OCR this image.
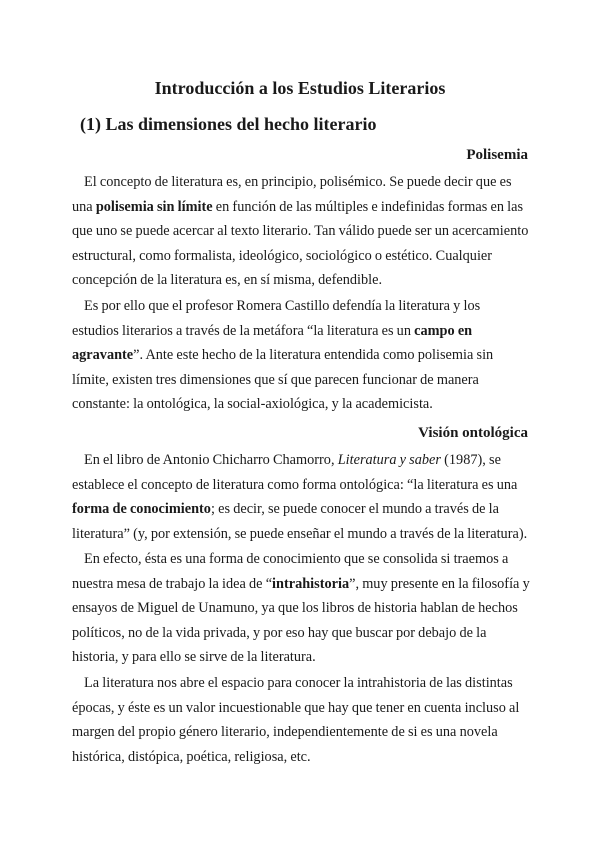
Introducción a los Estudios Literarios
(1) Las dimensiones del hecho literario
Polisemia

El concepto de literatura es, en principio, polisémico. Se puede decir que es una polisemia sin límite en función de las múltiples e indefinidas formas en las que uno se puede acercar al texto literario. Tan válido puede ser un acercamiento estructural, como formalista, ideológico, sociológico o estético. Cualquier concepción de la literatura es, en sí misma, defendible.

Es por ello que el profesor Romera Castillo defendía la literatura y los estudios literarios a través de la metáfora “la literatura es un campo en agravante”. Ante este hecho de la literatura entendida como polisemia sin límite, existen tres dimensiones que sí que parecen funcionar de manera constante: la ontológica, la social-axiológica, y la academicista.

Visión ontológica

En el libro de Antonio Chicharro Chamorro, Literatura y saber (1987), se establece el concepto de literatura como forma ontológica: “la literatura es una forma de conocimiento; es decir, se puede conocer el mundo a través de la literatura” (y, por extensión, se puede enseñar el mundo a través de la literatura).

En efecto, ésta es una forma de conocimiento que se consolida si traemos a nuestra mesa de trabajo la idea de “intrahistoria”, muy presente en la filosofía y ensayos de Miguel de Unamuno, ya que los libros de historia hablan de hechos políticos, no de la vida privada, y por eso hay que buscar por debajo de la historia, y para ello se sirve de la literatura.

La literatura nos abre el espacio para conocer la intrahistoria de las distintas épocas, y éste es un valor incuestionable que hay que tener en cuenta incluso al margen del propio género literario, independientemente de si es una novela histórica, distópica, poética, religiosa, etc.
